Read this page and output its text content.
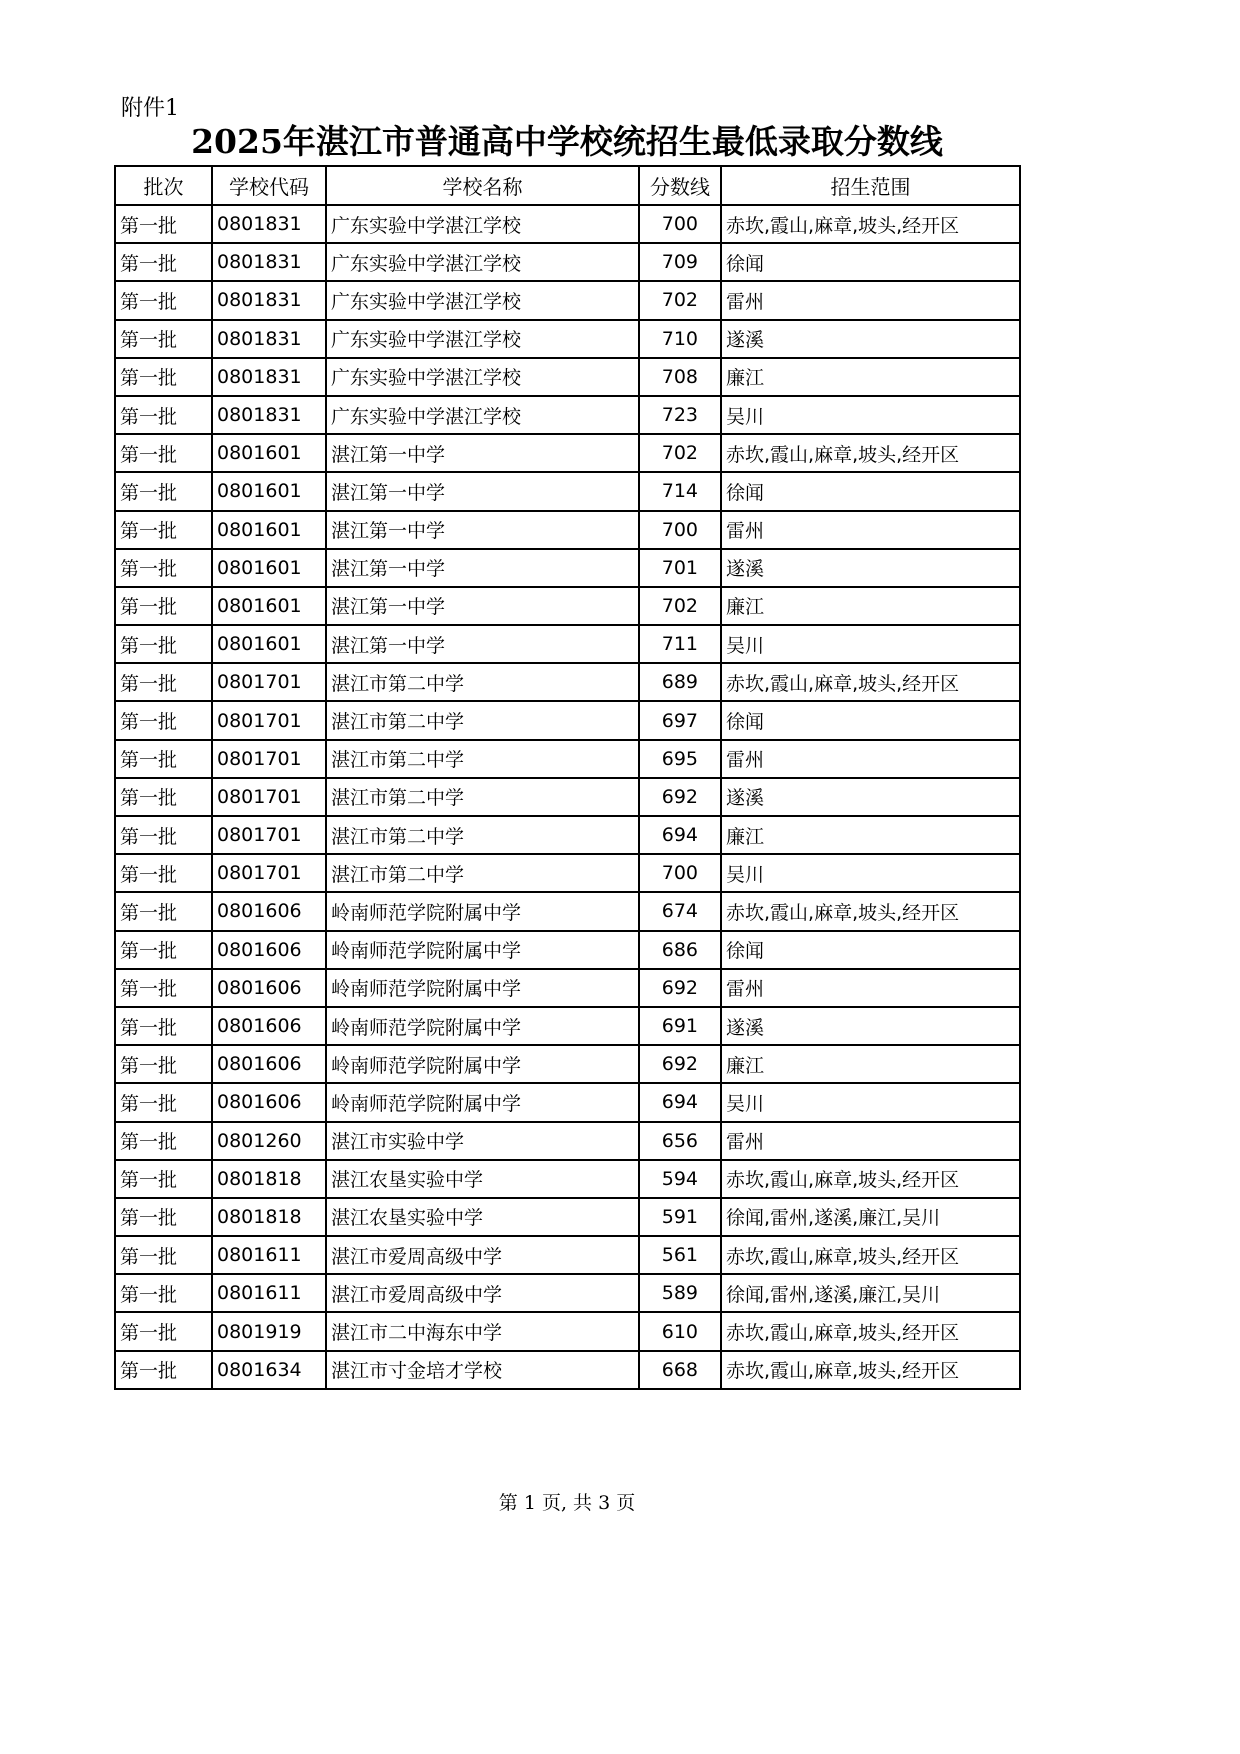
附件1
2025年湛江市普通高中学校统招生最低录取分数线
批次	学校代码	学校名称	分数线	招生范围
第一批	0801831	广东实验中学湛江学校	700	赤坎,霞山,麻章,坡头,经开区
第一批	0801831	广东实验中学湛江学校	709	徐闻
第一批	0801831	广东实验中学湛江学校	702	雷州
第一批	0801831	广东实验中学湛江学校	710	遂溪
第一批	0801831	广东实验中学湛江学校	708	廉江
第一批	0801831	广东实验中学湛江学校	723	吴川
第一批	0801601	湛江第一中学	702	赤坎,霞山,麻章,坡头,经开区
第一批	0801601	湛江第一中学	714	徐闻
第一批	0801601	湛江第一中学	700	雷州
第一批	0801601	湛江第一中学	701	遂溪
第一批	0801601	湛江第一中学	702	廉江
第一批	0801601	湛江第一中学	711	吴川
第一批	0801701	湛江市第二中学	689	赤坎,霞山,麻章,坡头,经开区
第一批	0801701	湛江市第二中学	697	徐闻
第一批	0801701	湛江市第二中学	695	雷州
第一批	0801701	湛江市第二中学	692	遂溪
第一批	0801701	湛江市第二中学	694	廉江
第一批	0801701	湛江市第二中学	700	吴川
第一批	0801606	岭南师范学院附属中学	674	赤坎,霞山,麻章,坡头,经开区
第一批	0801606	岭南师范学院附属中学	686	徐闻
第一批	0801606	岭南师范学院附属中学	692	雷州
第一批	0801606	岭南师范学院附属中学	691	遂溪
第一批	0801606	岭南师范学院附属中学	692	廉江
第一批	0801606	岭南师范学院附属中学	694	吴川
第一批	0801260	湛江市实验中学	656	雷州
第一批	0801818	湛江农垦实验中学	594	赤坎,霞山,麻章,坡头,经开区
第一批	0801818	湛江农垦实验中学	591	徐闻,雷州,遂溪,廉江,吴川
第一批	0801611	湛江市爱周高级中学	561	赤坎,霞山,麻章,坡头,经开区
第一批	0801611	湛江市爱周高级中学	589	徐闻,雷州,遂溪,廉江,吴川
第一批	0801919	湛江市二中海东中学	610	赤坎,霞山,麻章,坡头,经开区
第一批	0801634	湛江市寸金培才学校	668	赤坎,霞山,麻章,坡头,经开区
第 1 页, 共 3 页
